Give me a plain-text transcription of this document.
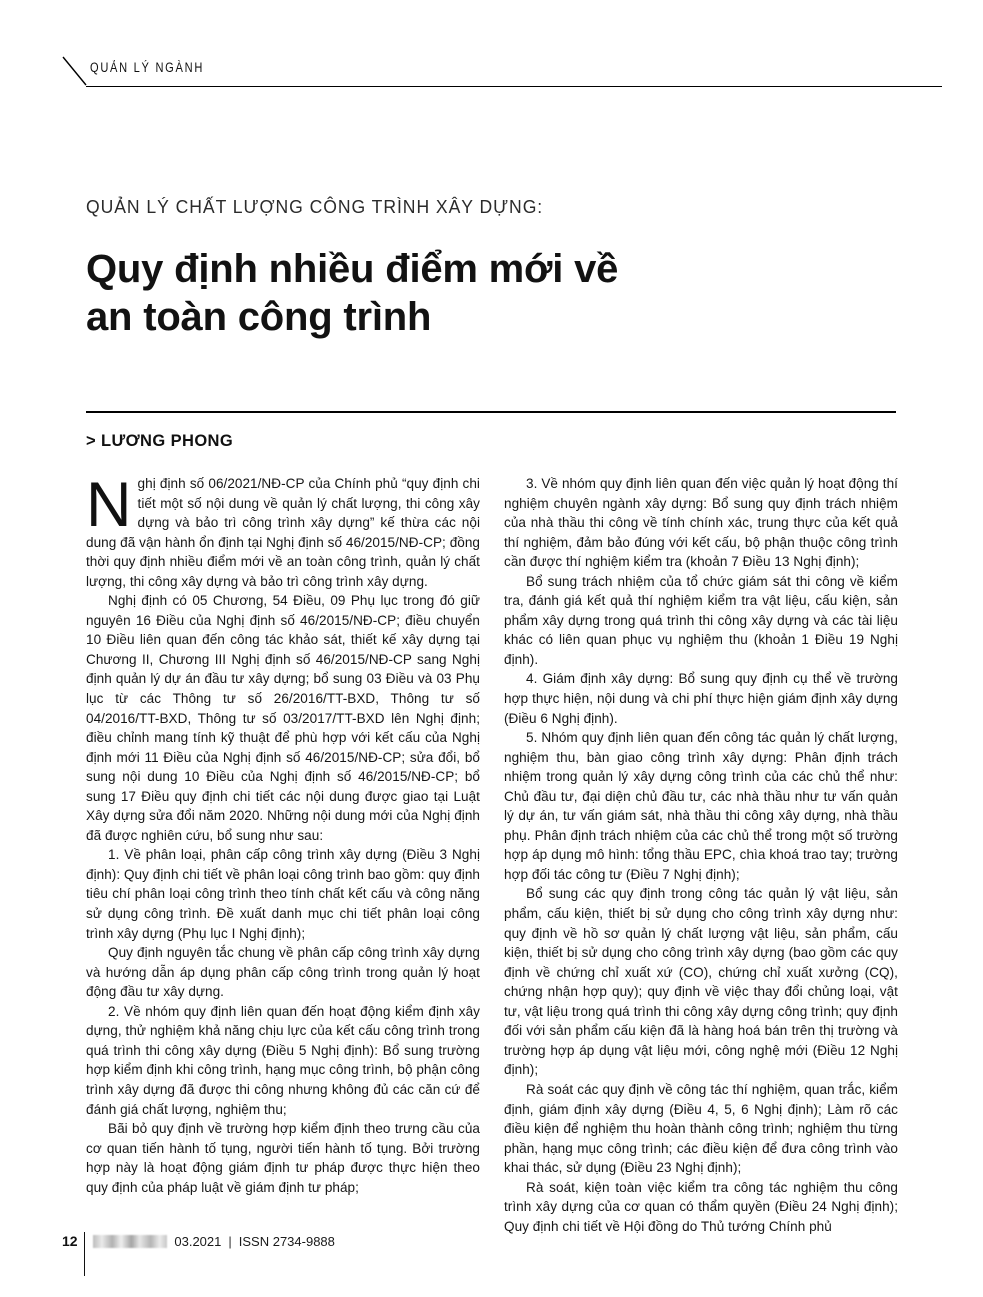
QUẢN LÝ NGÀNH
QUẢN LÝ CHẤT LƯỢNG CÔNG TRÌNH XÂY DỰNG:
Quy định nhiều điểm mới về
an toàn công trình
> LƯƠNG PHONG

Nghị định số 06/2021/NĐ-CP của Chính phủ “quy định chi tiết một số nội dung về quản lý chất lượng, thi công xây dựng và bảo trì công trình xây dựng” kế thừa các nội dung đã vận hành ổn định tại Nghị định số 46/2015/NĐ-CP; đồng thời quy định nhiều điểm mới về an toàn công trình, quản lý chất lượng, thi công xây dựng và bảo trì công trình xây dựng.

Nghị định có 05 Chương, 54 Điều, 09 Phụ lục trong đó giữ nguyên 16 Điều của Nghị định số 46/2015/NĐ-CP; điều chuyển 10 Điều liên quan đến công tác khảo sát, thiết kế xây dựng tại Chương II, Chương III Nghị định số 46/2015/NĐ-CP sang Nghị định quản lý dự án đầu tư xây dựng; bổ sung 03 Điều và 03 Phụ lục từ các Thông tư số 26/2016/TT-BXD, Thông tư số 04/2016/TT-BXD, Thông tư số 03/2017/TT-BXD lên Nghị định; điều chỉnh mang tính kỹ thuật để phù hợp với kết cấu của Nghị định mới 11 Điều của Nghị định số 46/2015/NĐ-CP; sửa đổi, bổ sung nội dung 10 Điều của Nghị định số 46/2015/NĐ-CP; bổ sung 17 Điều quy định chi tiết các nội dung được giao tại Luật Xây dựng sửa đổi năm 2020. Những nội dung mới của Nghị định đã được nghiên cứu, bổ sung như sau:

1. Về phân loại, phân cấp công trình xây dựng (Điều 3 Nghị định): Quy định chi tiết về phân loại công trình bao gồm: quy định tiêu chí phân loại công trình theo tính chất kết cấu và công năng sử dụng công trình. Đề xuất danh mục chi tiết phân loại công trình xây dựng (Phụ lục I Nghị định);

Quy định nguyên tắc chung về phân cấp công trình xây dựng và hướng dẫn áp dụng phân cấp công trình trong quản lý hoạt động đầu tư xây dựng.

2. Về nhóm quy định liên quan đến hoạt động kiểm định xây dựng, thử nghiệm khả năng chịu lực của kết cấu công trình trong quá trình thi công xây dựng (Điều 5 Nghị định): Bổ sung trường hợp kiểm định khi công trình, hạng mục công trình, bộ phận công trình xây dựng đã được thi công nhưng không đủ các căn cứ để đánh giá chất lượng, nghiệm thu;

Bãi bỏ quy định về trường hợp kiểm định theo trưng cầu của cơ quan tiến hành tố tụng, người tiến hành tố tụng. Bởi trường hợp này là hoạt động giám định tư pháp được thực hiện theo quy định của pháp luật về giám định tư pháp;

3. Về nhóm quy định liên quan đến việc quản lý hoạt động thí nghiệm chuyên ngành xây dựng: Bổ sung quy định trách nhiệm của nhà thầu thi công về tính chính xác, trung thực của kết quả thí nghiệm, đảm bảo đúng với kết cấu, bộ phận thuộc công trình cần được thí nghiệm kiểm tra (khoản 7 Điều 13 Nghị định);

Bổ sung trách nhiệm của tổ chức giám sát thi công về kiểm tra, đánh giá kết quả thí nghiệm kiểm tra vật liệu, cấu kiện, sản phẩm xây dựng trong quá trình thi công xây dựng và các tài liệu khác có liên quan phục vụ nghiệm thu (khoản 1 Điều 19 Nghị định).

4. Giám định xây dựng: Bổ sung quy định cụ thể về trường hợp thực hiện, nội dung và chi phí thực hiện giám định xây dựng (Điều 6 Nghị định).

5. Nhóm quy định liên quan đến công tác quản lý chất lượng, nghiệm thu, bàn giao công trình xây dựng: Phân định trách nhiệm trong quản lý xây dựng công trình của các chủ thể như: Chủ đầu tư, đại diện chủ đầu tư, các nhà thầu như tư vấn quản lý dự án, tư vấn giám sát, nhà thầu thi công xây dựng, nhà thầu phụ. Phân định trách nhiệm của các chủ thể trong một số trường hợp áp dụng mô hình: tổng thầu EPC, chìa khoá trao tay; trường hợp đối tác công tư (Điều 7 Nghị định);

Bổ sung các quy định trong công tác quản lý vật liệu, sản phẩm, cấu kiện, thiết bị sử dụng cho công trình xây dựng như: quy định về hồ sơ quản lý chất lượng vật liệu, sản phẩm, cấu kiện, thiết bị sử dụng cho công trình xây dựng (bao gồm các quy định về chứng chỉ xuất xứ (CO), chứng chỉ xuất xưởng (CQ), chứng nhận hợp quy); quy định về việc thay đổi chủng loại, vật tư, vật liệu trong quá trình thi công xây dựng công trình; quy định đối với sản phẩm cấu kiện đã là hàng hoá bán trên thị trường và trường hợp áp dụng vật liệu mới, công nghệ mới (Điều 12 Nghị định);

Rà soát các quy định về công tác thí nghiệm, quan trắc, kiểm định, giám định xây dựng (Điều 4, 5, 6 Nghị định); Làm rõ các điều kiện để nghiệm thu hoàn thành công trình; nghiệm thu từng phần, hạng mục công trình; các điều kiện để đưa công trình vào khai thác, sử dụng (Điều 23 Nghị định);

Rà soát, kiện toàn việc kiểm tra công tác nghiệm thu công trình xây dựng của cơ quan có thẩm quyền (Điều 24 Nghị định); Quy định chi tiết về Hội đồng do Thủ tướng Chính phủ

12	03.2021 | ISSN 2734-9888
